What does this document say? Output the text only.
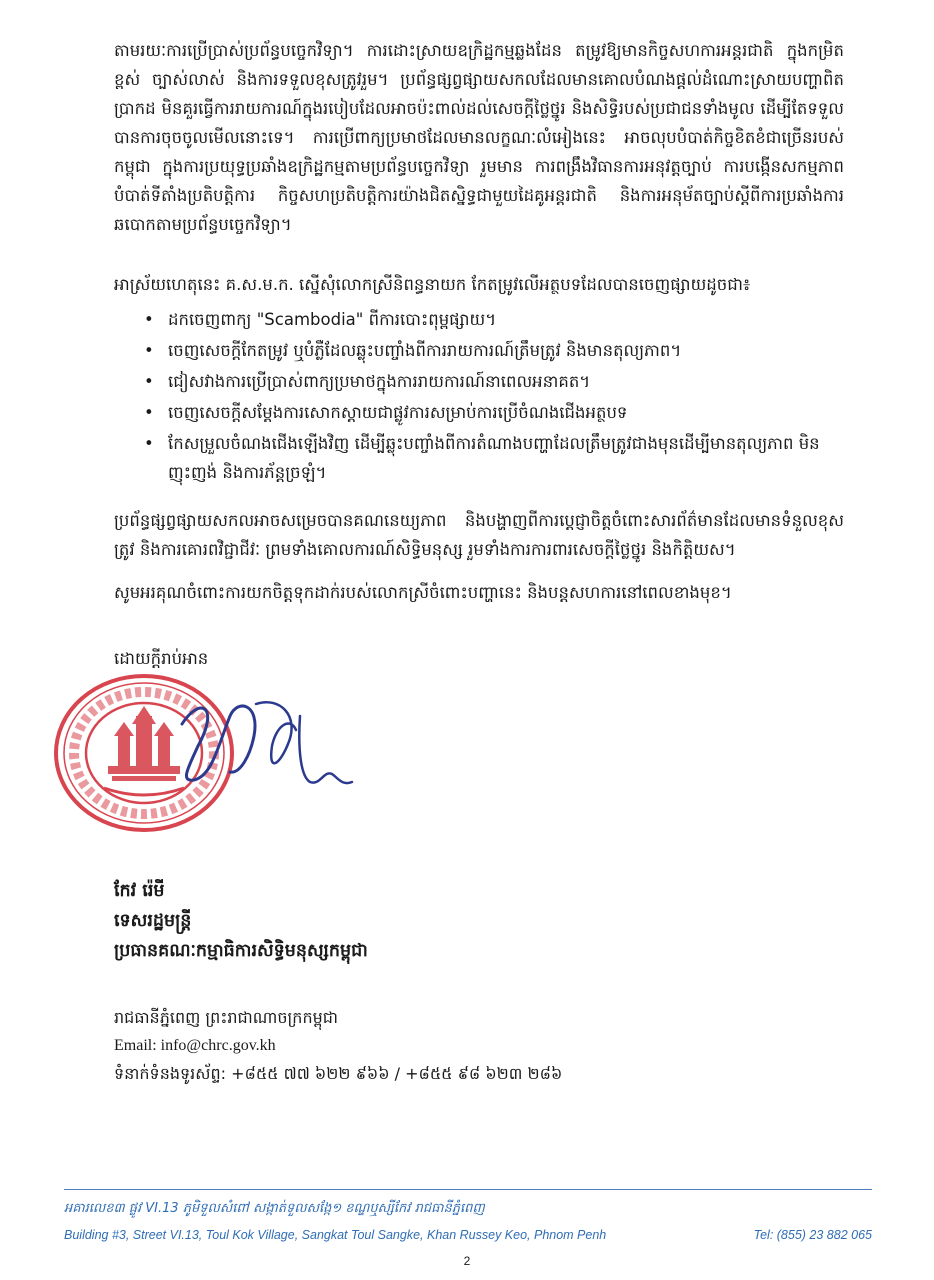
តាមរយៈការប្រើប្រាស់ប្រព័ន្ធបច្ចេកវិទ្យា។ ការដោះស្រាយឧក្រិដ្ឋកម្មឆ្លងដែន តម្រូវឱ្យមានកិច្ចសហការអន្តរជាតិ ក្នុងកម្រិតខ្ពស់ ច្បាស់លាស់ និងការទទួលខុសត្រូវរួម។ ប្រព័ន្ធផ្សព្វផ្សាយសកលដែលមានគោលបំណងផ្តល់ដំណោះស្រាយបញ្ហាពិតប្រាកដ មិនគួរធ្វើការរាយការណ៍ក្នុងរបៀបដែលអាចប៉ះពាល់ដល់សេចក្តីថ្លៃថ្នូរ និងសិទ្ធិរបស់ប្រជាជនទាំងមូល ដើម្បីតែទទួលបានការចុចចូលមើលនោះទេ។ ការប្រើពាក្យប្រមាថដែលមានលក្ខណៈលំអៀងនេះ អាចលុបបំបាត់កិច្ចខិតខំជាច្រើនរបស់កម្ពុជា ក្នុងការប្រយុទ្ធប្រឆាំងឧក្រិដ្ឋកម្មតាមប្រព័ន្ធបច្ចេកវិទ្យា រួមមាន ការពង្រឹងវិធានការអនុវត្តច្បាប់ ការបង្កើនសកម្មភាពបំបាត់ទីតាំងប្រតិបត្តិការ កិច្ចសហប្រតិបត្តិការយ៉ាងជិតស្និទ្ធជាមួយដៃគូអន្តរជាតិ និងការអនុម័តច្បាប់ស្តីពីការប្រឆាំងការឆបោកតាមប្រព័ន្ធបច្ចេកវិទ្យា។

អាស្រ័យហេតុនេះ គ.ស.ម.ក. ស្នើសុំលោកស្រីនិពន្ធនាយក កែតម្រូវលើអត្ថបទដែលបានចេញផ្សាយដូចជា៖

• ដកចេញពាក្យ "Scambodia" ពីការបោះពុម្ពផ្សាយ។
• ចេញសេចក្តីកែតម្រូវ ឬបំភ្លឺដែលឆ្លុះបញ្ចាំងពីការរាយការណ៍ត្រឹមត្រូវ និងមានតុល្យភាព។
• ជៀសវាងការប្រើប្រាស់ពាក្យប្រមាថក្នុងការរាយការណ៍នាពេលអនាគត។
• ចេញសេចក្តីសម្តែងការសោកស្តាយជាផ្លូវការសម្រាប់ការប្រើចំណងជើងអត្ថបទ
• កែសម្រួលចំណងជើងឡើងវិញ ដើម្បីឆ្លុះបញ្ចាំងពីការតំណាងបញ្ហាដែលត្រឹមត្រូវជាងមុនដើម្បីមានតុល្យភាព មិនញុះញង់ និងការភ័ន្តច្រឡំ។

ប្រព័ន្ធផ្សព្វផ្សាយសកលអាចសម្រេចបានគណនេយ្យភាព និងបង្ហាញពីការប្តេជ្ញាចិត្តចំពោះសារព័ត៌មានដែលមានទំនួលខុសត្រូវ និងការគោរពវិជ្ជាជីវៈ ព្រមទាំងគោលការណ៍សិទ្ធិមនុស្ស រួមទាំងការការពារសេចក្តីថ្លៃថ្នូរ និងកិត្តិយស។

សូមអរគុណចំពោះការយកចិត្តទុកដាក់របស់លោកស្រីចំពោះបញ្ហានេះ និងបន្តសហការនៅពេលខាងមុខ។

ដោយក្តីរាប់អាន

កែវ រ៉េមី
ទេសរដ្ឋមន្ត្រី
ប្រធានគណៈកម្មាធិការសិទ្ធិមនុស្សកម្ពុជា
រាជធានីភ្នំពេញ ព្រះរាជាណាចក្រកម្ពុជា
Email: info@chrc.gov.kh
ទំនាក់ទំនងទូរស័ព្ទ: +៨៥៥ ៧៧ ៦២២ ៩៦៦ / +៨៥៥ ៩៨ ៦២៣ ២៨៦
អគារលេខ៣ ផ្លូវ VI.13 ភូមិទួលសំពៅ សង្កាត់ទួលសង្កែ១ ខណ្ឌឬស្សីកែវ រាជធានីភ្នំពេញ
Building #3, Street VI.13, Toul Kok Village, Sangkat Toul Sangke, Khan Russey Keo, Phnom Penh	Tel: (855) 23 882 065
2
